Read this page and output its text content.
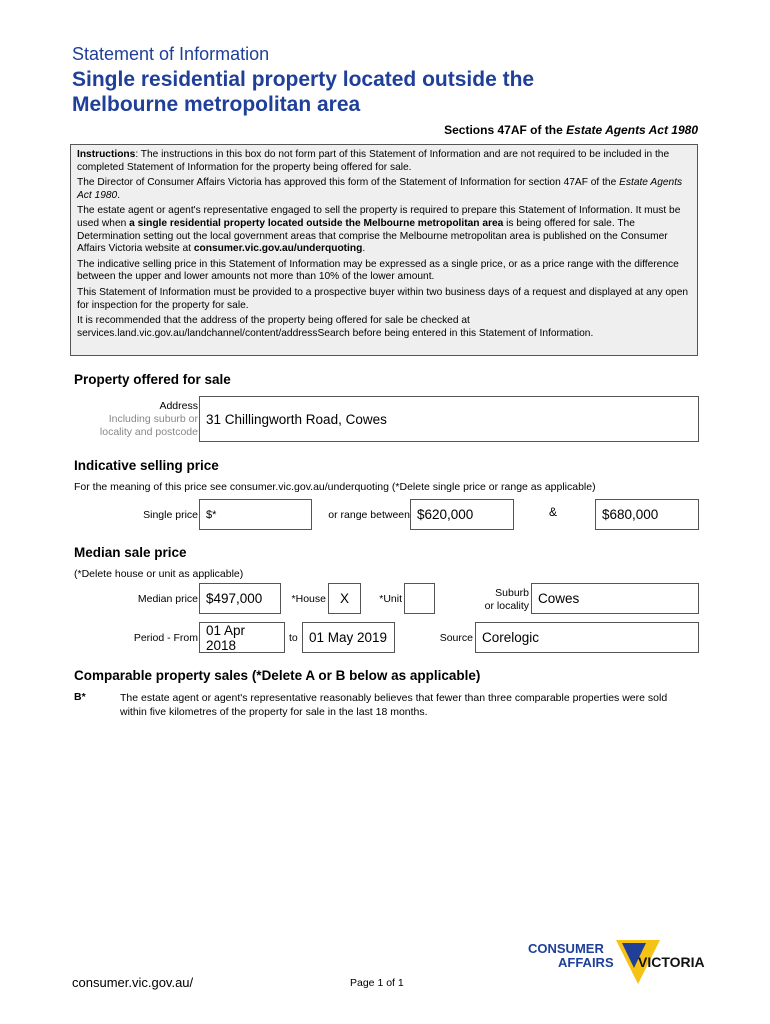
Statement of Information
Single residential property located outside the
Melbourne metropolitan area
Sections 47AF of the Estate Agents Act 1980

Instructions: The instructions in this box do not form part of this Statement of Information and are not required to be included in the completed Statement of Information for the property being offered for sale.

The Director of Consumer Affairs Victoria has approved this form of the Statement of Information for section 47AF of the Estate Agents Act 1980.

The estate agent or agent's representative engaged to sell the property is required to prepare this Statement of Information. It must be used when a single residential property located outside the Melbourne metropolitan area is being offered for sale. The Determination setting out the local government areas that comprise the Melbourne metropolitan area is published on the Consumer Affairs Victoria website at consumer.vic.gov.au/underquoting.

The indicative selling price in this Statement of Information may be expressed as a single price, or as a price range with the difference between the upper and lower amounts not more than 10% of the lower amount.

This Statement of Information must be provided to a prospective buyer within two business days of a request and displayed at any open for inspection for the property for sale.

It is recommended that the address of the property being offered for sale be checked at services.land.vic.gov.au/landchannel/content/addressSearch before being entered in this Statement of Information.

Property offered for sale
Address
Including suburb or
locality and postcode
31 Chillingworth Road, Cowes
Indicative selling price
For the meaning of this price see consumer.vic.gov.au/underquoting (*Delete single price or range as applicable)
Single price $*	or range between $620,000	&	$680,000
Median sale price
(*Delete house or unit as applicable)
Median price $497,000	*House	X	*Unit	Suburb
or locality Cowes
Period - From
01 Apr 2018	to 01 May 2019	Source Corelogic
Comparable property sales (*Delete A or B below as applicable)
B*	The estate agent or agent's representative reasonably believes that fewer than three comparable properties were sold within five kilometres of the property for sale in the last 18 months.
CONSUMER
AFFAIRS VICTORIA
consumer.vic.gov.au/	Page 1 of 1
